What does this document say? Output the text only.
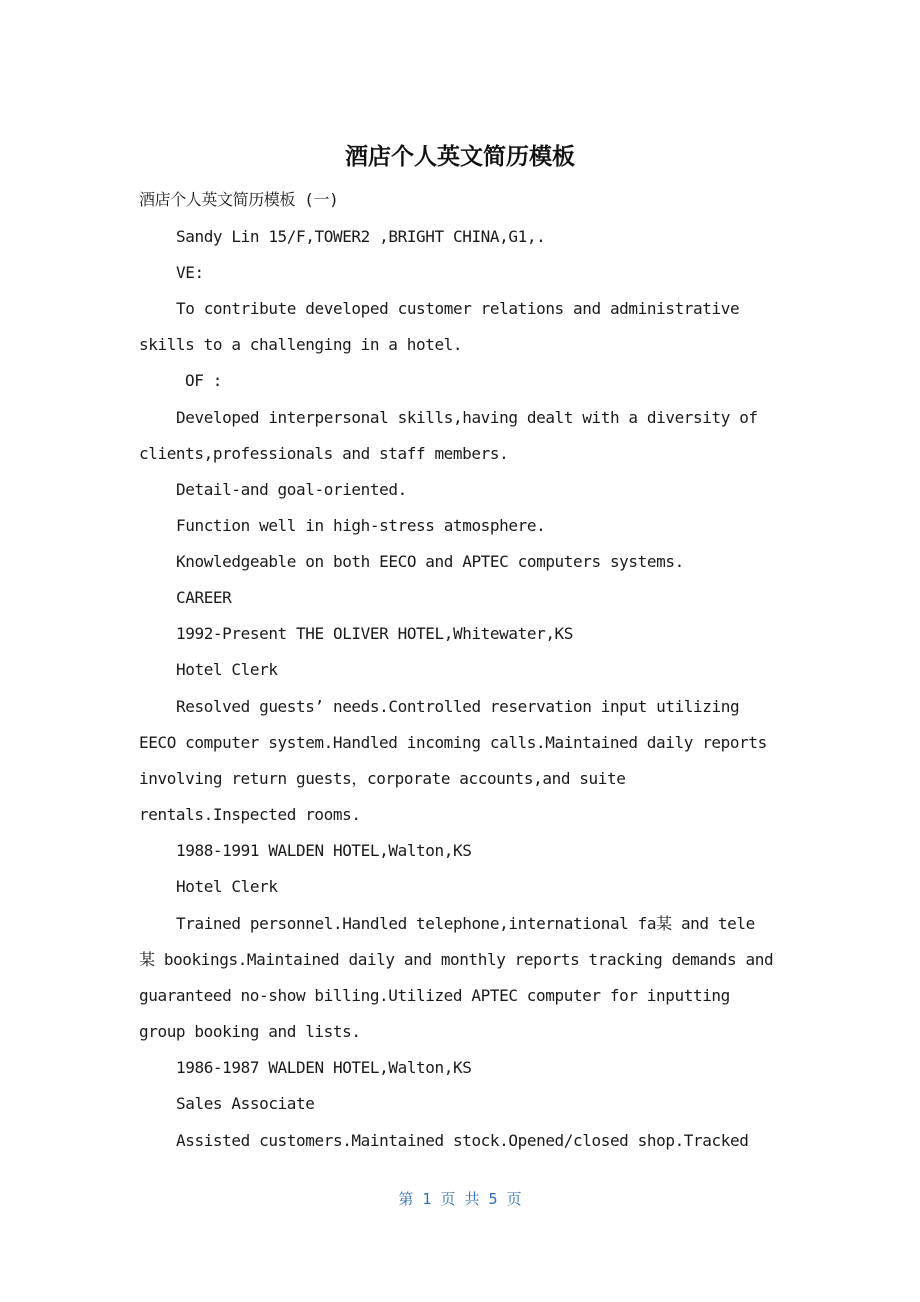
酒店个人英文简历模板
酒店个人英文简历模板 (一)
Sandy Lin 15/F,TOWER2 ,BRIGHT CHINA,G1,.
VE:
To contribute developed customer relations and administrative
skills to a challenging in a hotel.
OF :
Developed interpersonal skills,having dealt with a diversity of
clients,professionals and staff members.
Detail-and goal-oriented.
Function well in high-stress atmosphere.
Knowledgeable on both EECO and APTEC computers systems.
CAREER
1992-Present THE OLIVER HOTEL,Whitewater,KS
Hotel Clerk
Resolved guests’ needs.Controlled reservation input utilizing
EECO computer system.Handled incoming calls.Maintained daily reports
involving return guests，corporate accounts,and suite
rentals.Inspected rooms.
1988-1991 WALDEN HOTEL,Walton,KS
Hotel Clerk
Trained personnel.Handled telephone,international fa某 and tele
某 bookings.Maintained daily and monthly reports tracking demands and
guaranteed no-show billing.Utilized APTEC computer for inputting
group booking and lists.
1986-1987 WALDEN HOTEL,Walton,KS
Sales Associate
Assisted customers.Maintained stock.Opened/closed shop.Tracked
第 1 页 共 5 页
